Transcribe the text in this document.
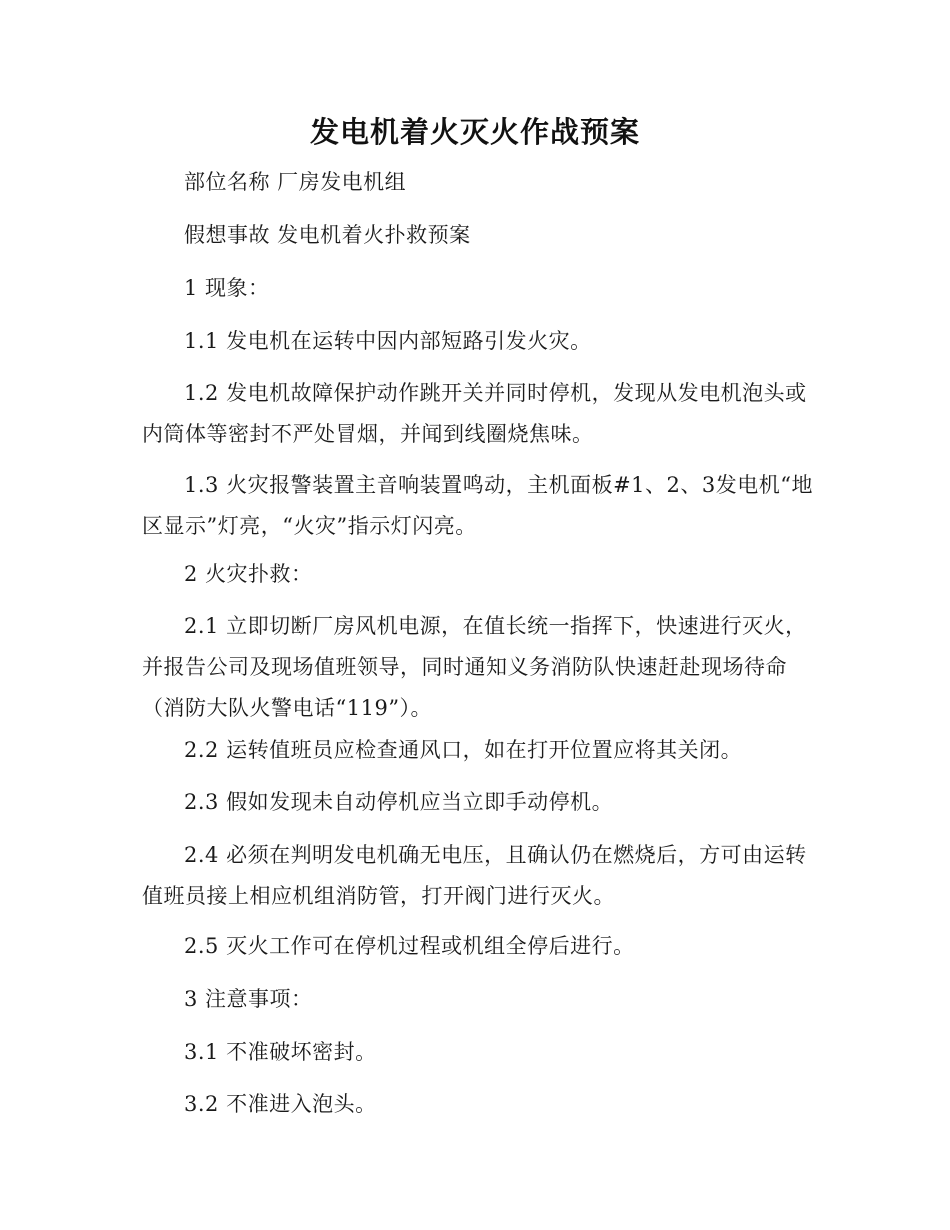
发电机着火灭火作战预案
部位名称 厂房发电机组
假想事故 发电机着火扑救预案
1 现象：
1.1 发电机在运转中因内部短路引发火灾。
1.2 发电机故障保护动作跳开关并同时停机，发现从发电机泡头或内筒体等密封不严处冒烟，并闻到线圈烧焦味。
1.3 火灾报警装置主音响装置鸣动，主机面板#1、2、3发电机“地区显示”灯亮，“火灾”指示灯闪亮。
2 火灾扑救：
2.1 立即切断厂房风机电源，在值长统一指挥下，快速进行灭火，并报告公司及现场值班领导，同时通知义务消防队快速赶赴现场待命（消防大队火警电话“119”）。
2.2 运转值班员应检查通风口，如在打开位置应将其关闭。
2.3 假如发现未自动停机应当立即手动停机。
2.4 必须在判明发电机确无电压，且确认仍在燃烧后，方可由运转值班员接上相应机组消防管，打开阀门进行灭火。
2.5 灭火工作可在停机过程或机组全停后进行。
3 注意事项：
3.1 不准破坏密封。
3.2 不准进入泡头。
